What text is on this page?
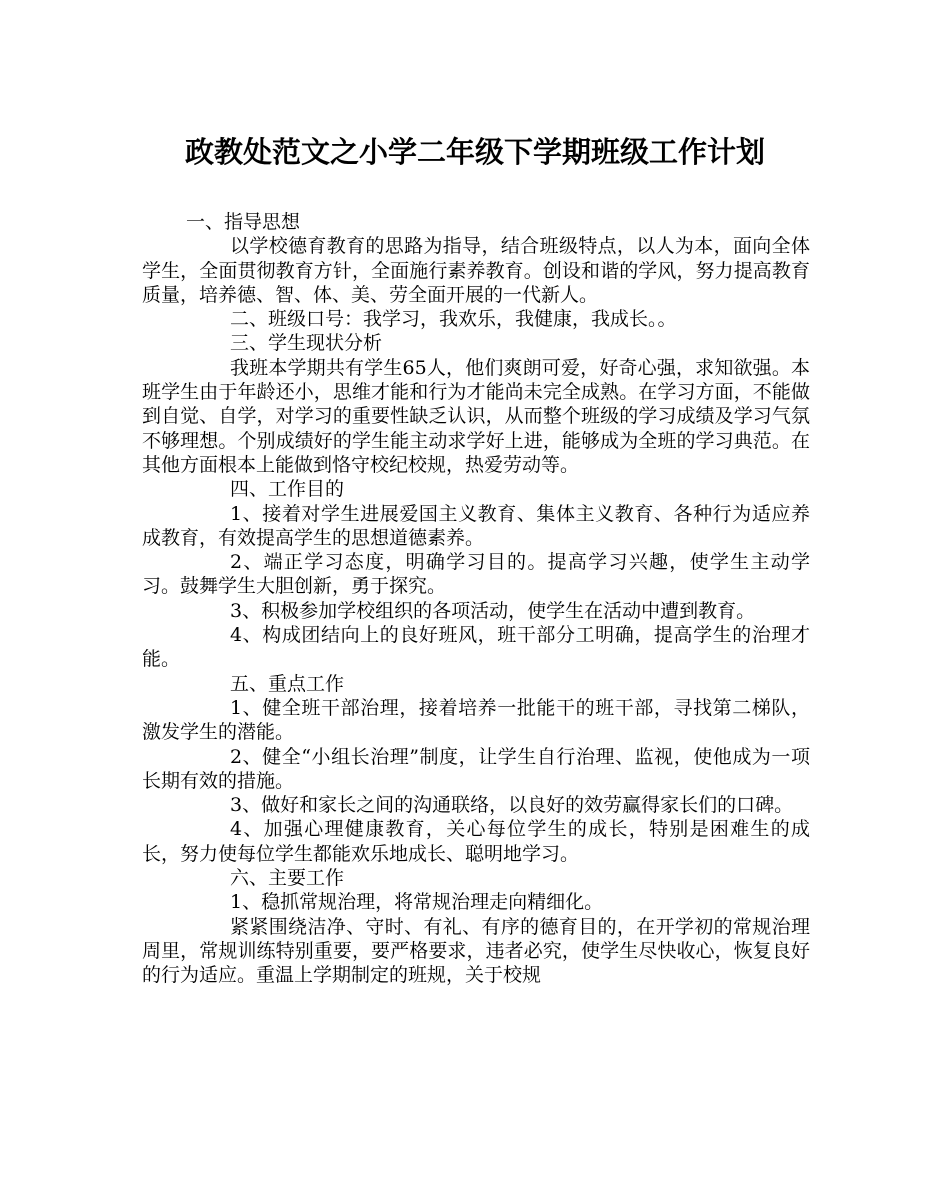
政教处范文之小学二年级下学期班级工作计划

一、指导思想

以学校德育教育的思路为指导，结合班级特点，以人为本，面向全体学生，全面贯彻教育方针，全面施行素养教育。创设和谐的学风，努力提高教育质量，培养德、智、体、美、劳全面开展的一代新人。

二、班级口号：我学习，我欢乐，我健康，我成长。。

三、学生现状分析

我班本学期共有学生65人，他们爽朗可爱，好奇心强，求知欲强。本班学生由于年龄还小，思维才能和行为才能尚未完全成熟。在学习方面，不能做到自觉、自学，对学习的重要性缺乏认识，从而整个班级的学习成绩及学习气氛不够理想。个别成绩好的学生能主动求学好上进，能够成为全班的学习典范。在其他方面根本上能做到恪守校纪校规，热爱劳动等。

四、工作目的

1、接着对学生进展爱国主义教育、集体主义教育、各种行为适应养成教育，有效提高学生的思想道德素养。

2、端正学习态度，明确学习目的。提高学习兴趣，使学生主动学习。鼓舞学生大胆创新，勇于探究。

3、积极参加学校组织的各项活动，使学生在活动中遭到教育。

4、构成团结向上的良好班风，班干部分工明确，提高学生的治理才能。

五、重点工作

1、健全班干部治理，接着培养一批能干的班干部，寻找第二梯队，激发学生的潜能。

2、健全“小组长治理”制度，让学生自行治理、监视，使他成为一项长期有效的措施。

3、做好和家长之间的沟通联络，以良好的效劳赢得家长们的口碑。

4、加强心理健康教育，关心每位学生的成长，特别是困难生的成长，努力使每位学生都能欢乐地成长、聪明地学习。

六、主要工作

1、稳抓常规治理，将常规治理走向精细化。

紧紧围绕洁净、守时、有礼、有序的德育目的，在开学初的常规治理周里，常规训练特别重要，要严格要求，违者必究，使学生尽快收心，恢复良好的行为适应。重温上学期制定的班规，关于校规
